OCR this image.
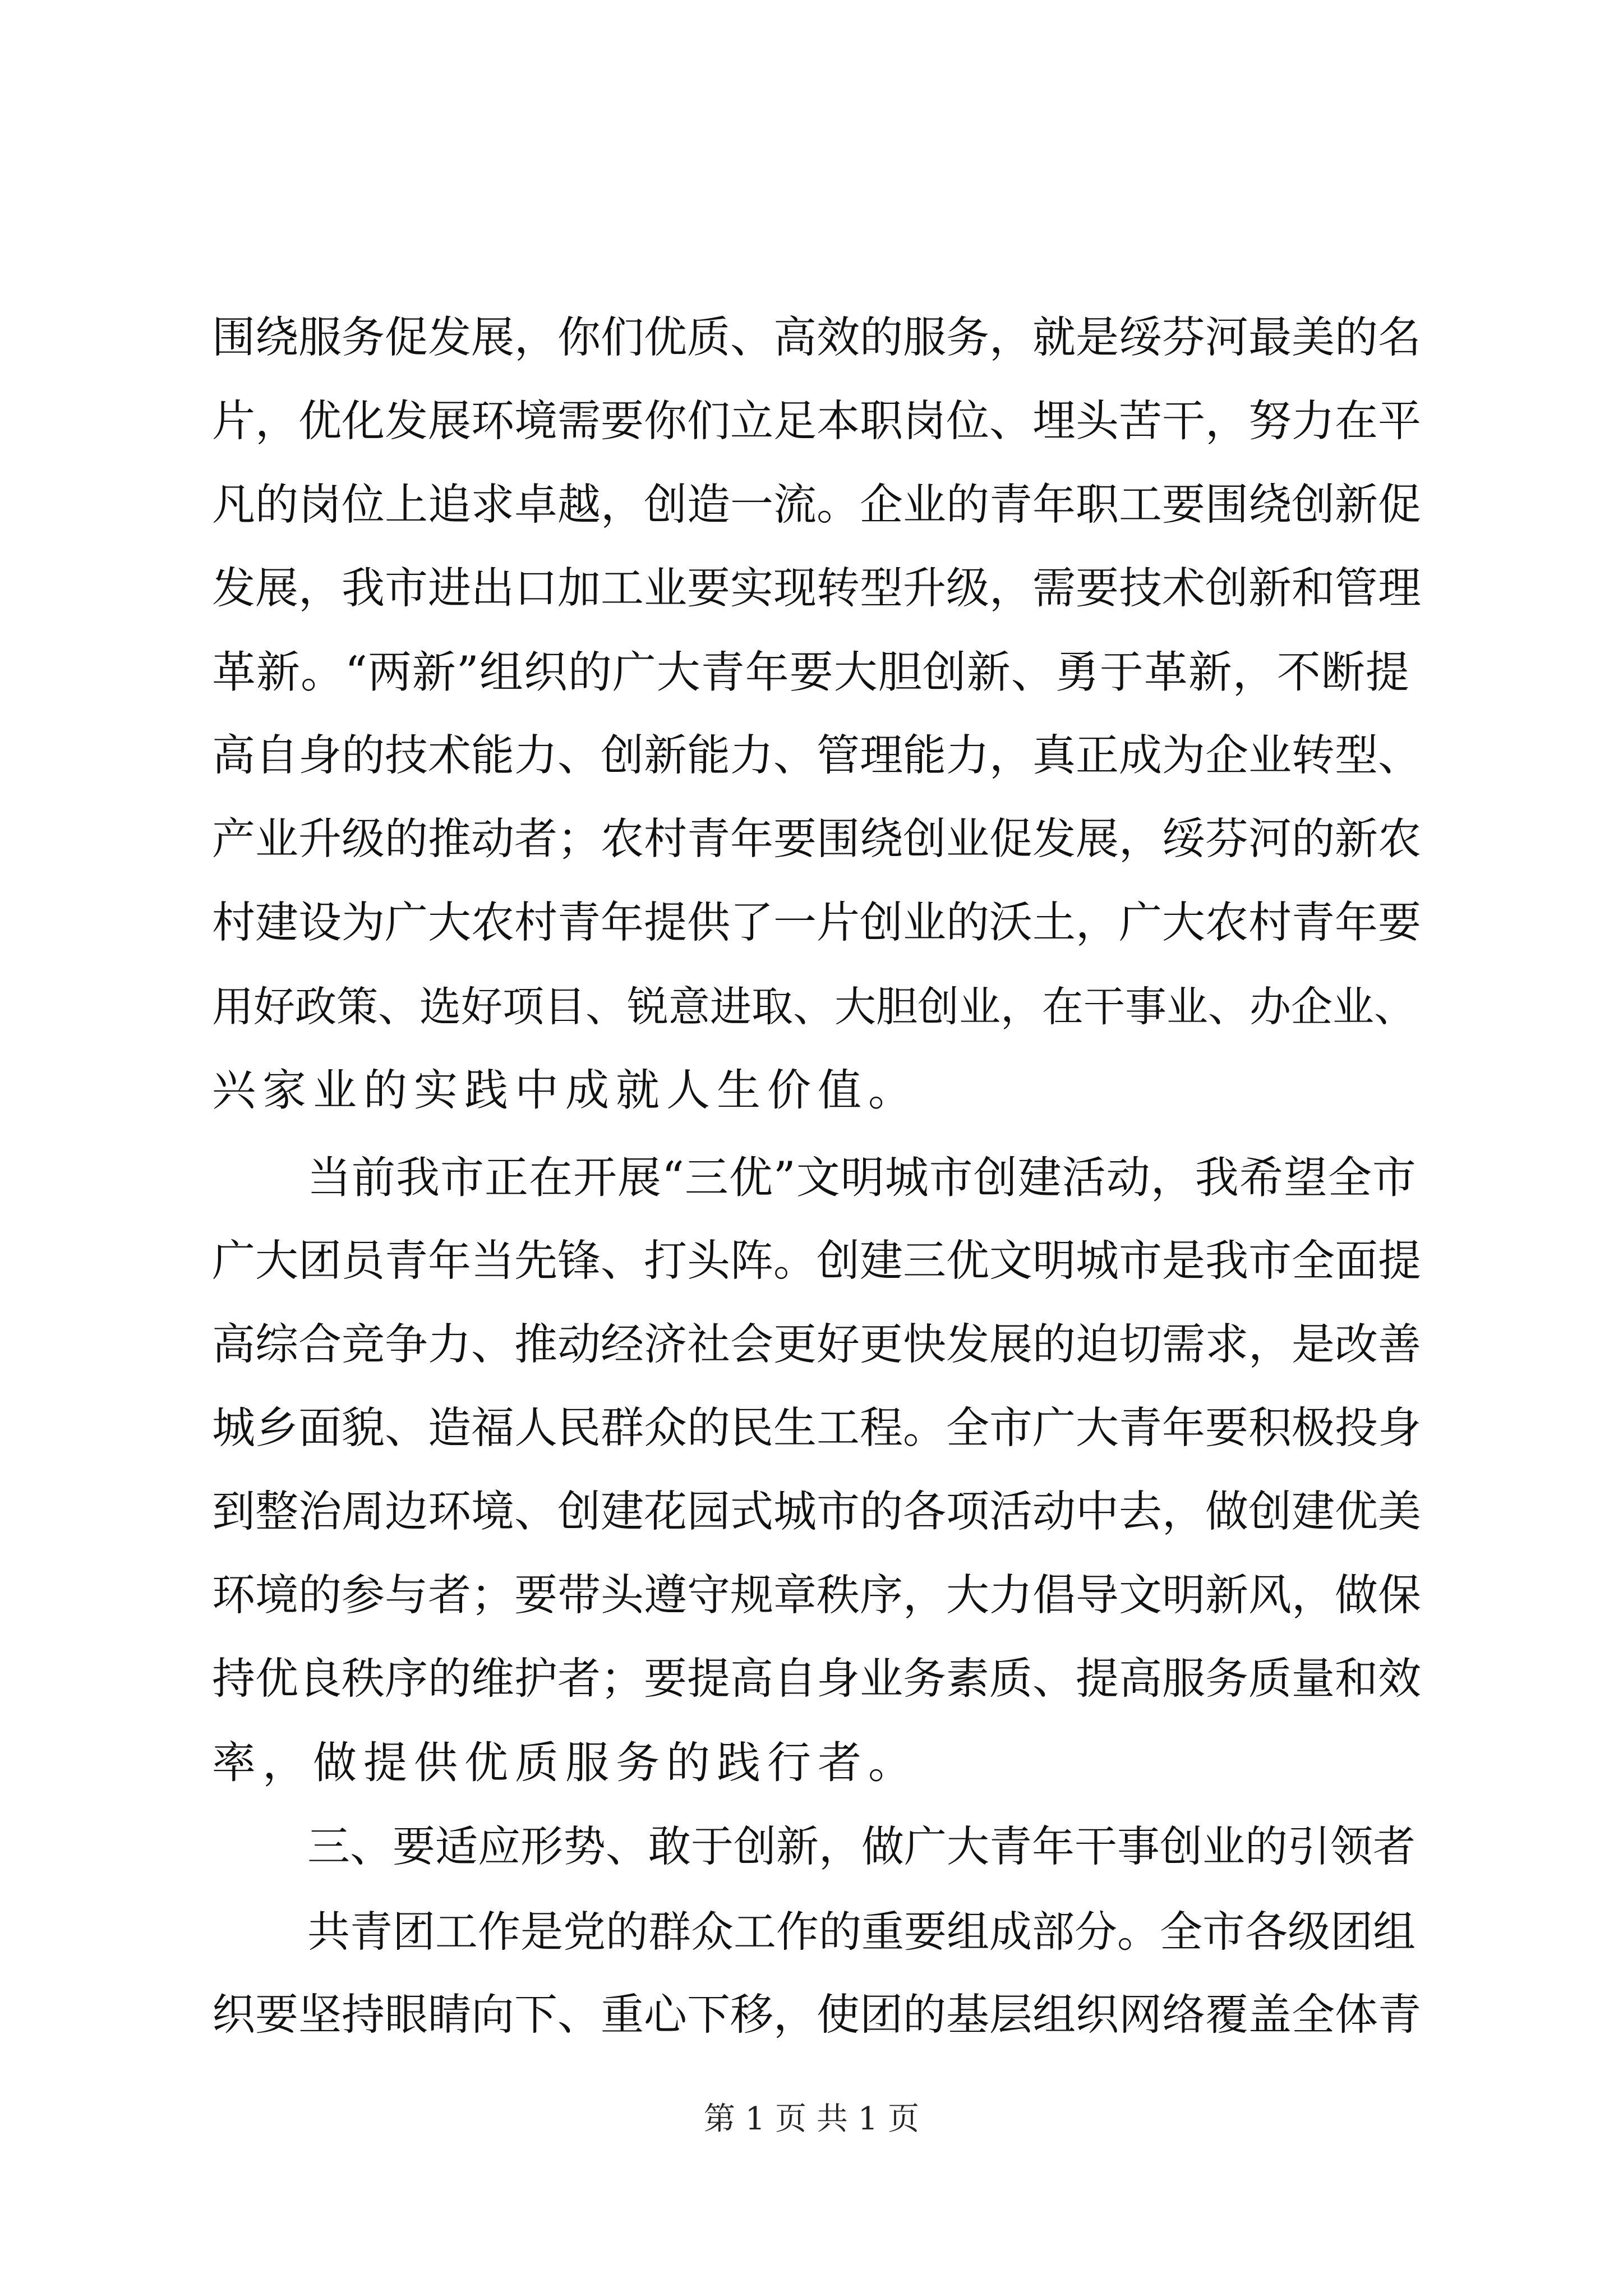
围绕服务促发展，你们优质、高效的服务，就是绥芬河最美的名
片，优化发展环境需要你们立足本职岗位、埋头苦干，努力在平
凡的岗位上追求卓越，创造一流。企业的青年职工要围绕创新促
发展，我市进出口加工业要实现转型升级，需要技术创新和管理
革新。“两新”组织的广大青年要大胆创新、勇于革新，不断提
高自身的技术能力、创新能力、管理能力，真正成为企业转型、
产业升级的推动者；农村青年要围绕创业促发展，绥芬河的新农
村建设为广大农村青年提供了一片创业的沃土，广大农村青年要
用好政策、选好项目、锐意进取、大胆创业，在干事业、办企业、
兴家业的实践中成就人生价值。
当前我市正在开展“三优”文明城市创建活动，我希望全市
广大团员青年当先锋、打头阵。创建三优文明城市是我市全面提
高综合竞争力、推动经济社会更好更快发展的迫切需求，是改善
城乡面貌、造福人民群众的民生工程。全市广大青年要积极投身
到整治周边环境、创建花园式城市的各项活动中去，做创建优美
环境的参与者；要带头遵守规章秩序，大力倡导文明新风，做保
持优良秩序的维护者；要提高自身业务素质、提高服务质量和效
率，做提供优质服务的践行者。
三、要适应形势、敢于创新，做广大青年干事创业的引领者
共青团工作是党的群众工作的重要组成部分。全市各级团组
织要坚持眼睛向下、重心下移，使团的基层组织网络覆盖全体青
第 1 页 共 1 页
